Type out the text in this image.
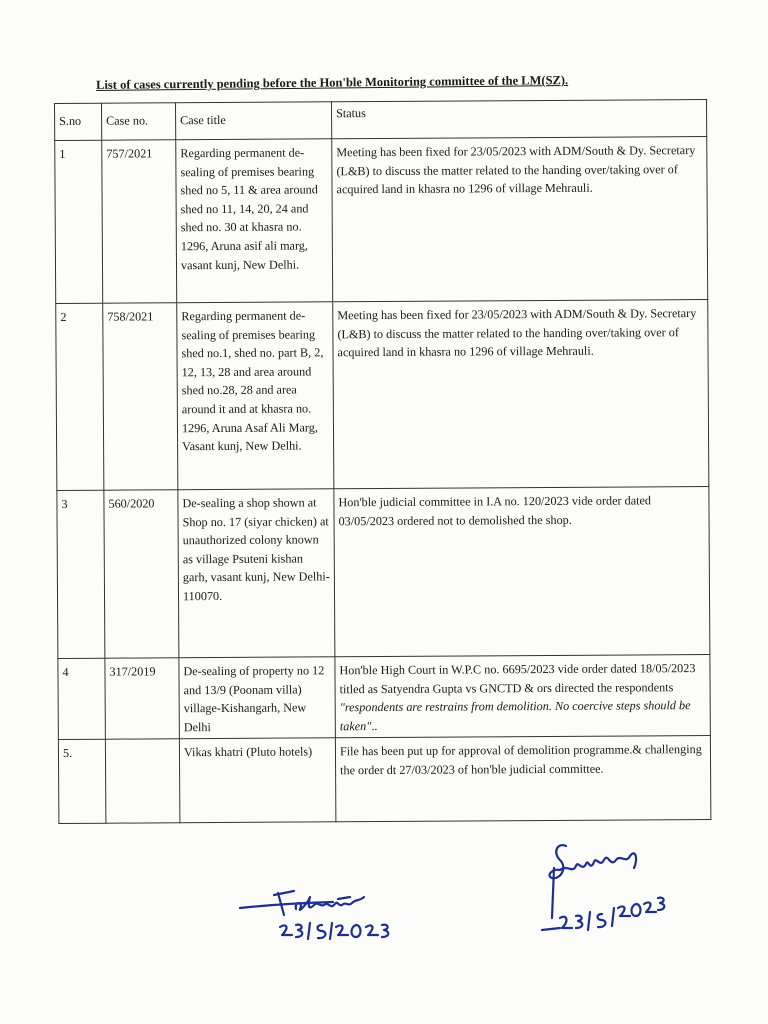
List of cases currently pending before the Hon'ble Monitoring committee of the LM(SZ).
S.no	Case no.	Case title	Status
1	757/2021	Regarding permanent de-sealing of premises bearing shed no 5, 11 & area around shed no 11, 14, 20, 24 and shed no. 30 at khasra no. 1296, Aruna asif ali marg, vasant kunj, New Delhi.	Meeting has been fixed for 23/05/2023 with ADM/South & Dy. Secretary (L&B) to discuss the matter related to the handing over/taking over of acquired land in khasra no 1296 of village Mehrauli.
2	758/2021	Regarding permanent de-sealing of premises bearing shed no.1, shed no. part B, 2, 12, 13, 28 and area around shed no.28, 28 and area around it and at khasra no. 1296, Aruna Asaf Ali Marg, Vasant kunj, New Delhi.	Meeting has been fixed for 23/05/2023 with ADM/South & Dy. Secretary (L&B) to discuss the matter related to the handing over/taking over of acquired land in khasra no 1296 of village Mehrauli.
3	560/2020	De-sealing a shop shown at Shop no. 17 (siyar chicken) at unauthorized colony known as village Psuteni kishan garh, vasant kunj, New Delhi-110070.	Hon'ble judicial committee in I.A no. 120/2023 vide order dated 03/05/2023 ordered not to demolished the shop.
4	317/2019	De-sealing of property no 12 and 13/9 (Poonam villa) village-Kishangarh, New Delhi	Hon'ble High Court in W.P.C no. 6695/2023 vide order dated 18/05/2023 titled as Satyendra Gupta vs GNCTD & ors directed the respondents "respondents are restrains from demolition. No coercive steps should be taken"..
5.		Vikas khatri (Pluto hotels)	File has been put up for approval of demolition programme.& challenging the order dt 27/03/2023 of hon'ble judicial committee.
